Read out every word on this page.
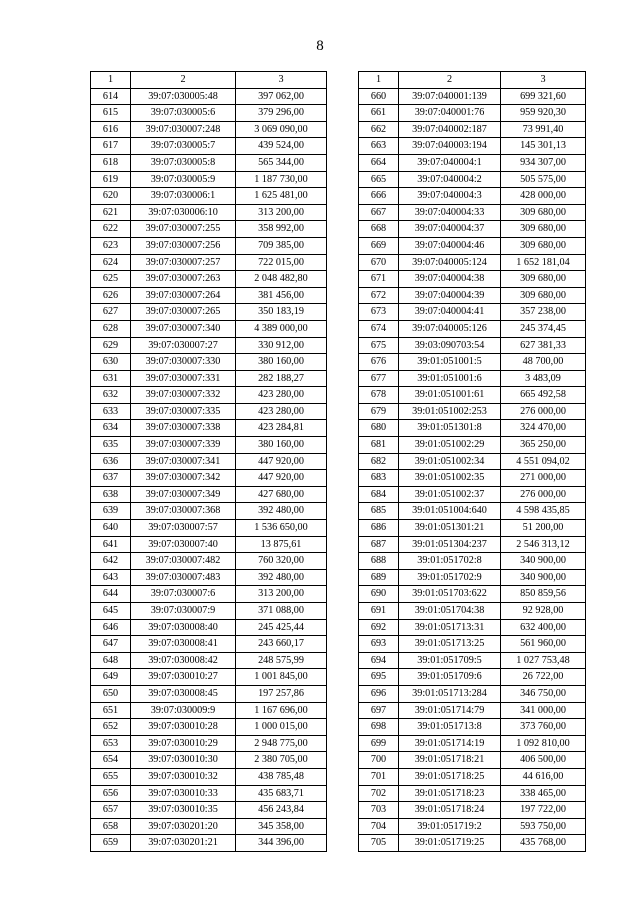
8
1	2	3
614	39:07:030005:48	397 062,00
615	39:07:030005:6	379 296,00
616	39:07:030007:248	3 069 090,00
617	39:07:030005:7	439 524,00
618	39:07:030005:8	565 344,00
619	39:07:030005:9	1 187 730,00
620	39:07:030006:1	1 625 481,00
621	39:07:030006:10	313 200,00
622	39:07:030007:255	358 992,00
623	39:07:030007:256	709 385,00
624	39:07:030007:257	722 015,00
625	39:07:030007:263	2 048 482,80
626	39:07:030007:264	381 456,00
627	39:07:030007:265	350 183,19
628	39:07:030007:340	4 389 000,00
629	39:07:030007:27	330 912,00
630	39:07:030007:330	380 160,00
631	39:07:030007:331	282 188,27
632	39:07:030007:332	423 280,00
633	39:07:030007:335	423 280,00
634	39:07:030007:338	423 284,81
635	39:07:030007:339	380 160,00
636	39:07:030007:341	447 920,00
637	39:07:030007:342	447 920,00
638	39:07:030007:349	427 680,00
639	39:07:030007:368	392 480,00
640	39:07:030007:57	1 536 650,00
641	39:07:030007:40	13 875,61
642	39:07:030007:482	760 320,00
643	39:07:030007:483	392 480,00
644	39:07:030007:6	313 200,00
645	39:07:030007:9	371 088,00
646	39:07:030008:40	245 425,44
647	39:07:030008:41	243 660,17
648	39:07:030008:42	248 575,99
649	39:07:030010:27	1 001 845,00
650	39:07:030008:45	197 257,86
651	39:07:030009:9	1 167 696,00
652	39:07:030010:28	1 000 015,00
653	39:07:030010:29	2 948 775,00
654	39:07:030010:30	2 380 705,00
655	39:07:030010:32	438 785,48
656	39:07:030010:33	435 683,71
657	39:07:030010:35	456 243,84
658	39:07:030201:20	345 358,00
659	39:07:030201:21	344 396,00
1	2	3
660	39:07:040001:139	699 321,60
661	39:07:040001:76	959 920,30
662	39:07:040002:187	73 991,40
663	39:07:040003:194	145 301,13
664	39:07:040004:1	934 307,00
665	39:07:040004:2	505 575,00
666	39:07:040004:3	428 000,00
667	39:07:040004:33	309 680,00
668	39:07:040004:37	309 680,00
669	39:07:040004:46	309 680,00
670	39:07:040005:124	1 652 181,04
671	39:07:040004:38	309 680,00
672	39:07:040004:39	309 680,00
673	39:07:040004:41	357 238,00
674	39:07:040005:126	245 374,45
675	39:03:090703:54	627 381,33
676	39:01:051001:5	48 700,00
677	39:01:051001:6	3 483,09
678	39:01:051001:61	665 492,58
679	39:01:051002:253	276 000,00
680	39:01:051301:8	324 470,00
681	39:01:051002:29	365 250,00
682	39:01:051002:34	4 551 094,02
683	39:01:051002:35	271 000,00
684	39:01:051002:37	276 000,00
685	39:01:051004:640	4 598 435,85
686	39:01:051301:21	51 200,00
687	39:01:051304:237	2 546 313,12
688	39:01:051702:8	340 900,00
689	39:01:051702:9	340 900,00
690	39:01:051703:622	850 859,56
691	39:01:051704:38	92 928,00
692	39:01:051713:31	632 400,00
693	39:01:051713:25	561 960,00
694	39:01:051709:5	1 027 753,48
695	39:01:051709:6	26 722,00
696	39:01:051713:284	346 750,00
697	39:01:051714:79	341 000,00
698	39:01:051713:8	373 760,00
699	39:01:051714:19	1 092 810,00
700	39:01:051718:21	406 500,00
701	39:01:051718:25	44 616,00
702	39:01:051718:23	338 465,00
703	39:01:051718:24	197 722,00
704	39:01:051719:2	593 750,00
705	39:01:051719:25	435 768,00
